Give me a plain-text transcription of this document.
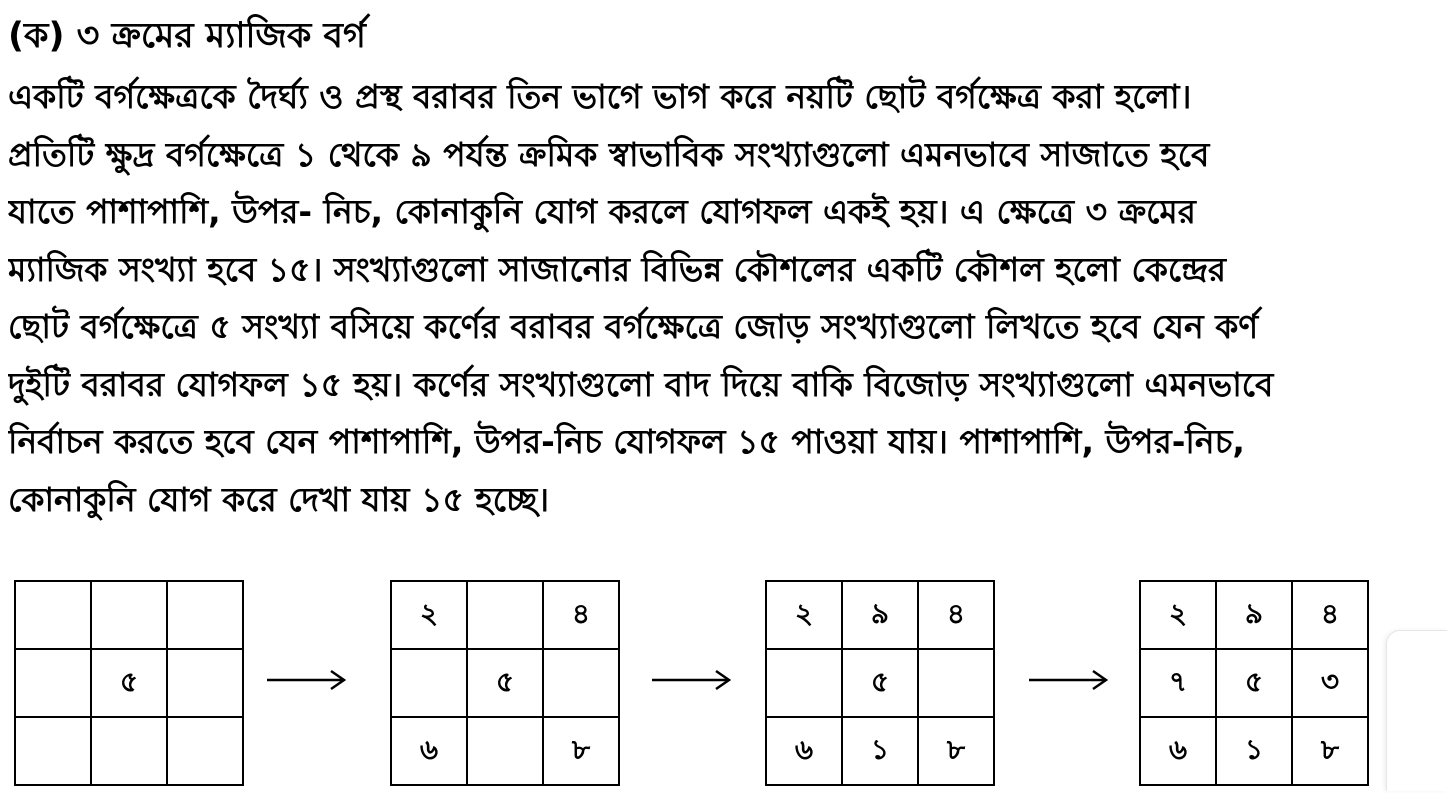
(ক) ৩ ক্রমের ম্যাজিক বর্গ
একটি বর্গক্ষেত্রকে দৈর্ঘ্য ও প্রস্থ বরাবর তিন ভাগে ভাগ করে নয়টি ছোট বর্গক্ষেত্র করা হলো।
প্রতিটি ক্ষুদ্র বর্গক্ষেত্রে ১ থেকে ৯ পর্যন্ত ক্রমিক স্বাভাবিক সংখ্যাগুলো এমনভাবে সাজাতে হবে
যাতে পাশাপাশি, উপর- নিচ, কোনাকুনি যোগ করলে যোগফল একই হয়। এ ক্ষেত্রে ৩ ক্রমের
ম্যাজিক সংখ্যা হবে ১৫। সংখ্যাগুলো সাজানোর বিভিন্ন কৌশলের একটি কৌশল হলো কেন্দ্রের
ছোট বর্গক্ষেত্রে ৫ সংখ্যা বসিয়ে কর্ণের বরাবর বর্গক্ষেত্রে জোড় সংখ্যাগুলো লিখতে হবে যেন কর্ণ
দুইটি বরাবর যোগফল ১৫ হয়। কর্ণের সংখ্যাগুলো বাদ দিয়ে বাকি বিজোড় সংখ্যাগুলো এমনভাবে
নির্বাচন করতে হবে যেন পাশাপাশি, উপর-নিচ যোগফল ১৫ পাওয়া যায়। পাশাপাশি, উপর-নিচ,
কোনাকুনি যোগ করে দেখা যায় ১৫ হচ্ছে।

	৫	

২		৪
	৫	
৬		৮
২	৯	৪
	৫	
৬	১	৮
২	৯	৪
৭	৫	৩
৬	১	৮
